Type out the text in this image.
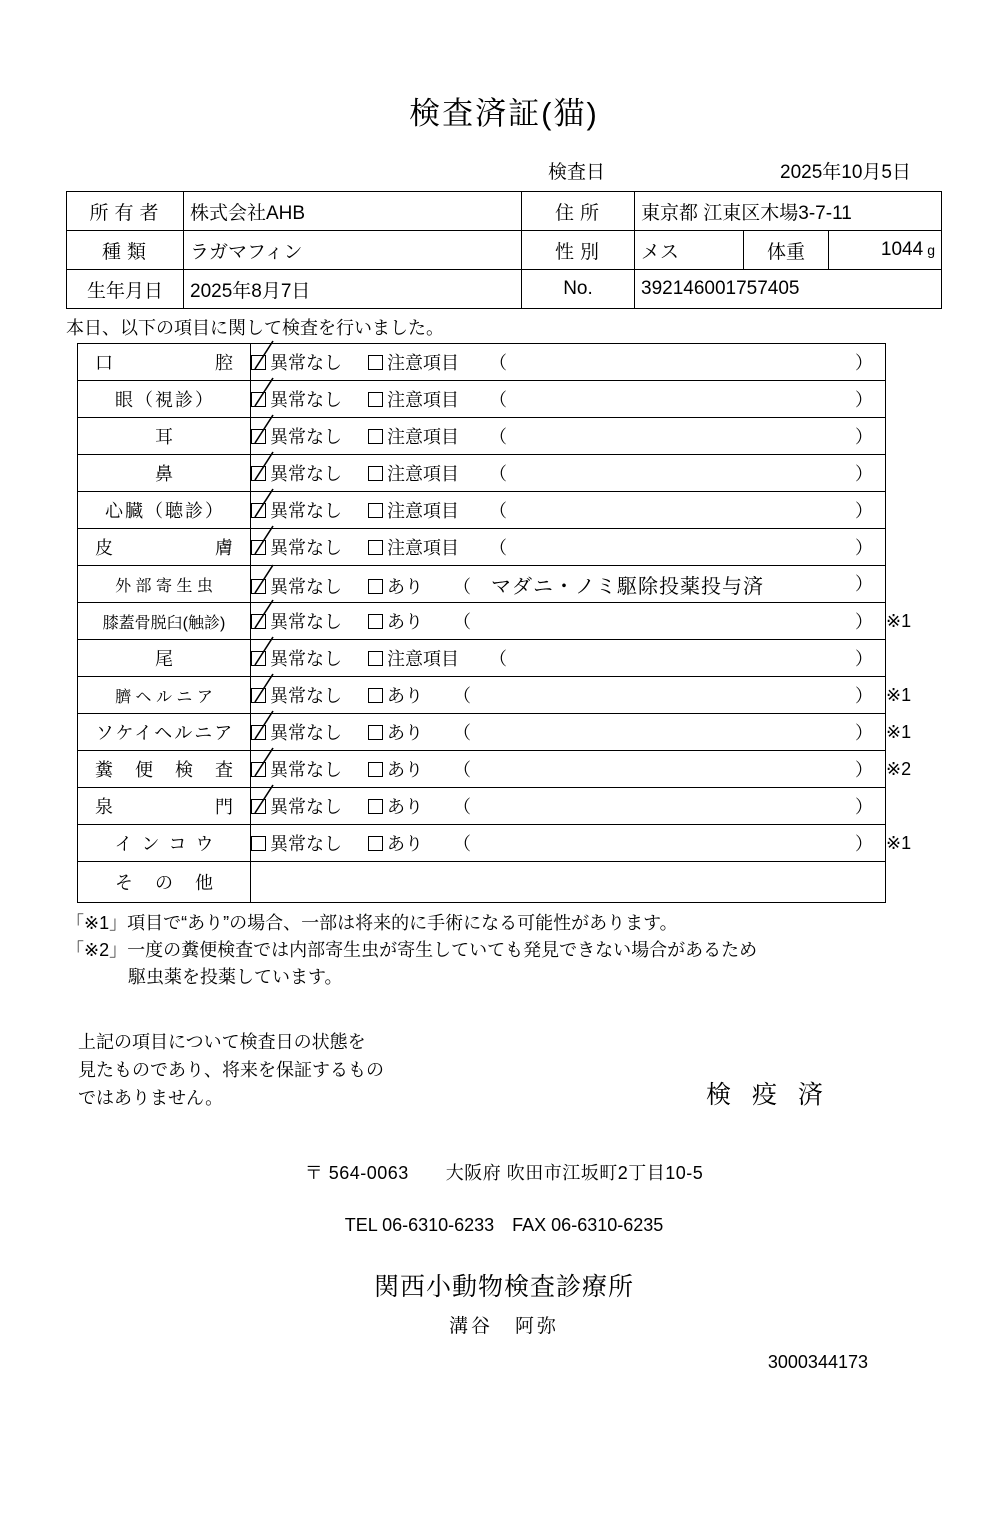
検査済証(猫)
検査日	2025年10月5日
所有者	株式会社AHB	住所	東京都 江東区木場3-7-11		
種類	ラガマフィン	性別	メス	体重	1044 g
生年月日	2025年8月7日	No.	392146001757405		
本日、以下の項目に関して検査を行いました。
口　　　　　腔	異常なし 注意項目 （ ）	

眼（視診）	異常なし 注意項目 （ ）	

耳	異常なし 注意項目 （ ）	

鼻	異常なし 注意項目 （ ）	

心臓（聴診）	異常なし 注意項目 （ ）	

皮　　　　　膚	異常なし 注意項目 （ ）	

外 部 寄 生 虫	異常なし あり （ マダニ・ノミ駆除投薬投与済 ）	

膝蓋骨脱臼(触診)	異常なし あり （ ）	※1
尾	異常なし 注意項目 （ ）	

臍 ヘ ル ニ ア	異常なし あり （ ）	※1
ソケイヘルニア	異常なし あり （ ）	※1
糞　便　検　査	異常なし あり （ ）	※2
泉　　　　　門	異常なし あり （ ）	

イ ン コ ウ	異常なし あり （ ）	※1
そ　の　他		
「※1」項目で“あり”の場合、一部は将来的に手術になる可能性があります。
「※2」一度の糞便検査では内部寄生虫が寄生していても発見できない場合があるため
駆虫薬を投薬しています。
上記の項目について検査日の状態を
見たものであり、将来を保証するもの
ではありません。	検 疫 済
〒 564-0063　　大阪府 吹田市江坂町2丁目10-5
TEL 06-6310-6233　FAX 06-6310-6235
関西小動物検査診療所
溝谷　阿弥
3000344173
